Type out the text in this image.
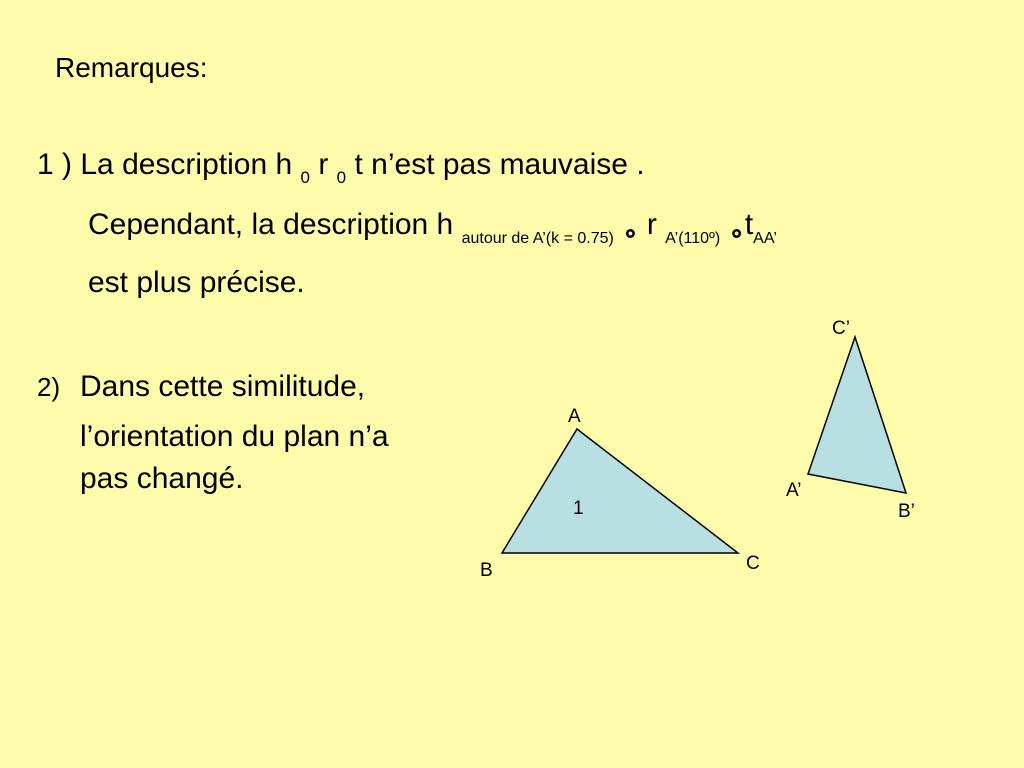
Remarques:
1 ) La description h $_0$ r $_0$ t n’est pas mauvaise .
Cependant, la description h $_{autour de A’(k = 0.75)}$ ∘ r $_{A’(110º)}$ $\circ t_{AA’}$
est plus précise.
2) Dans cette similitude,
l’orientation du plan n’a
pas changé.
A
B	C
1
C’
A’
B’
